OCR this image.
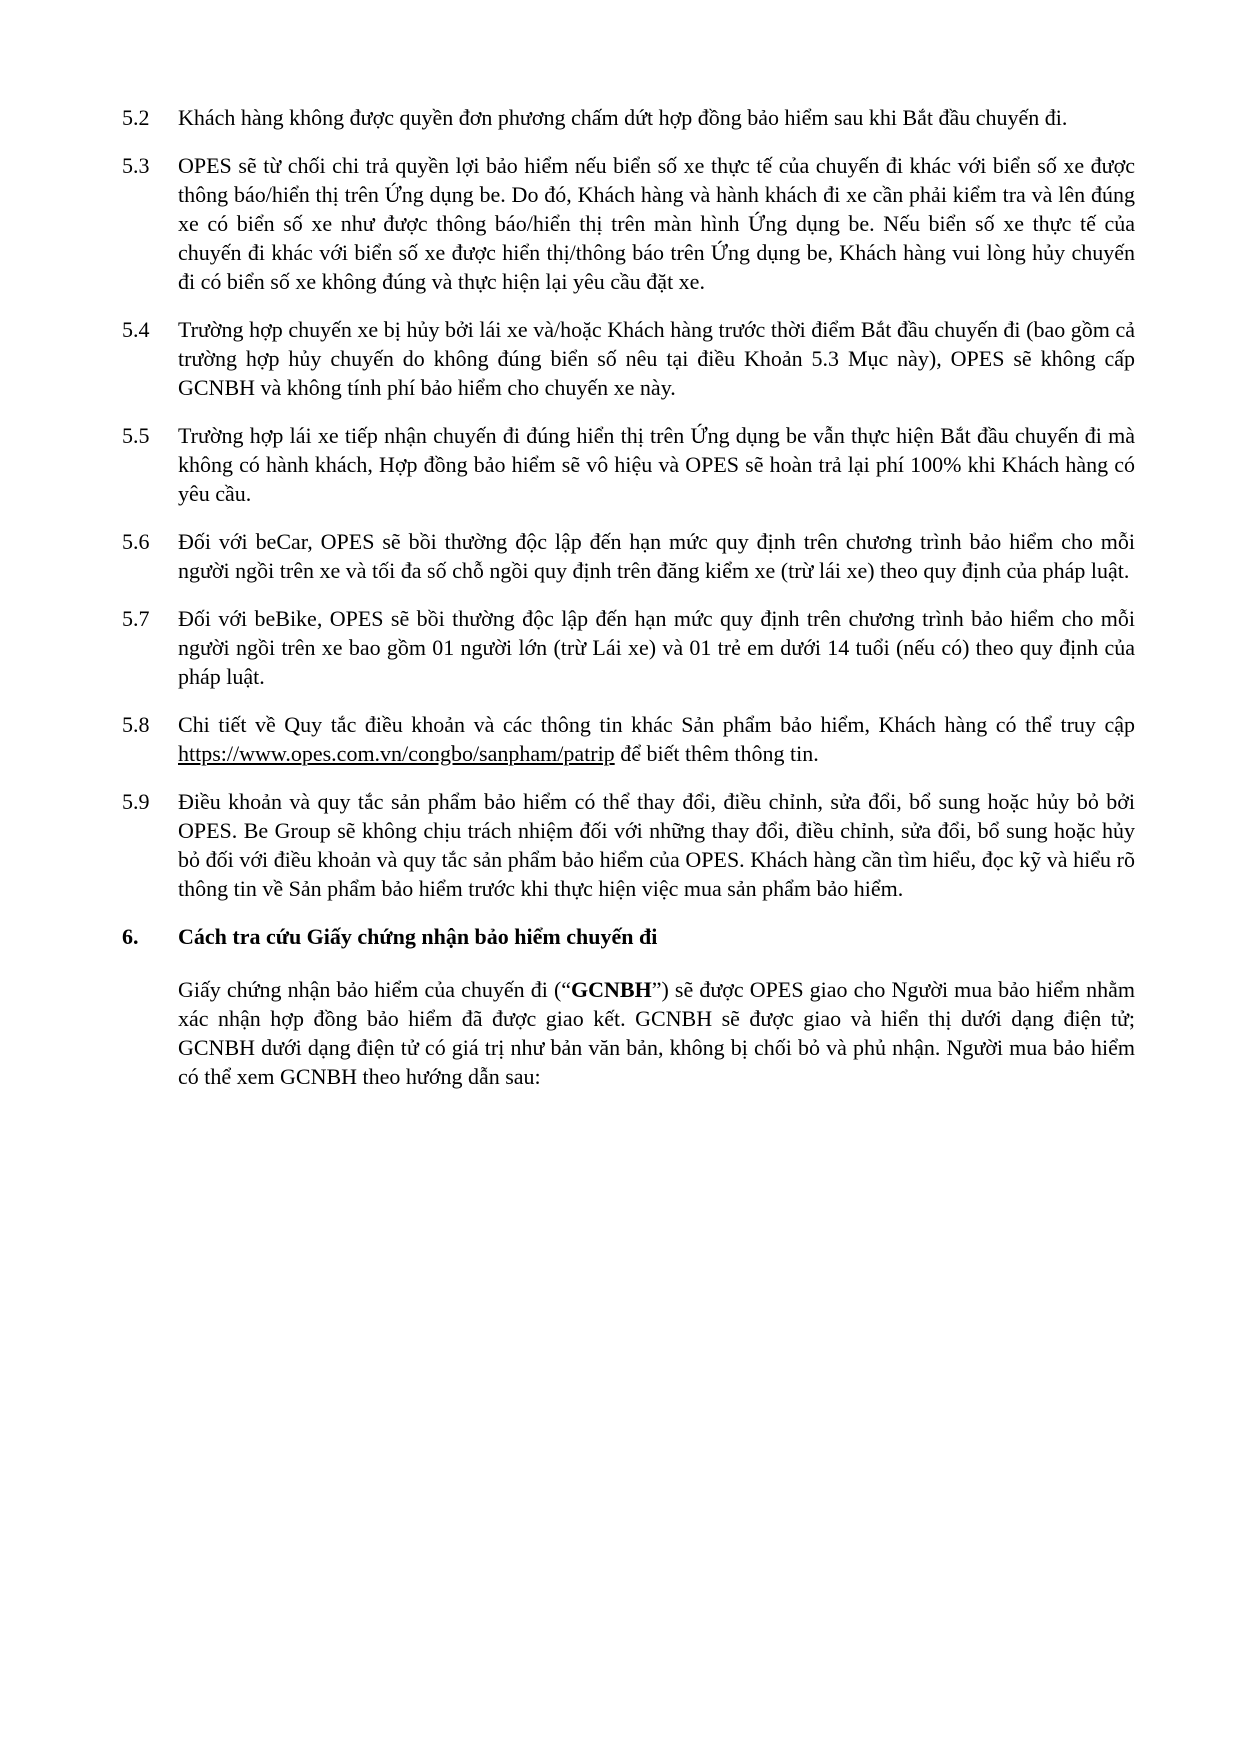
5.2	Khách hàng không được quyền đơn phương chấm dứt hợp đồng bảo hiểm sau khi Bắt đầu chuyến đi.
5.3	OPES sẽ từ chối chi trả quyền lợi bảo hiểm nếu biển số xe thực tế của chuyến đi khác với biển số xe được thông báo/hiển thị trên Ứng dụng be. Do đó, Khách hàng và hành khách đi xe cần phải kiểm tra và lên đúng xe có biển số xe như được thông báo/hiển thị trên màn hình Ứng dụng be. Nếu biển số xe thực tế của chuyến đi khác với biển số xe được hiển thị/thông báo trên Ứng dụng be, Khách hàng vui lòng hủy chuyến đi có biển số xe không đúng và thực hiện lại yêu cầu đặt xe.
5.4	Trường hợp chuyến xe bị hủy bởi lái xe và/hoặc Khách hàng trước thời điểm Bắt đầu chuyến đi (bao gồm cả trường hợp hủy chuyến do không đúng biển số nêu tại điều Khoản 5.3 Mục này), OPES sẽ không cấp GCNBH và không tính phí bảo hiểm cho chuyến xe này.
5.5	Trường hợp lái xe tiếp nhận chuyến đi đúng hiển thị trên Ứng dụng be vẫn thực hiện Bắt đầu chuyến đi mà không có hành khách, Hợp đồng bảo hiểm sẽ vô hiệu và OPES sẽ hoàn trả lại phí 100% khi Khách hàng có yêu cầu.
5.6	Đối với beCar, OPES sẽ bồi thường độc lập đến hạn mức quy định trên chương trình bảo hiểm cho mỗi người ngồi trên xe và tối đa số chỗ ngồi quy định trên đăng kiểm xe (trừ lái xe) theo quy định của pháp luật.
5.7	Đối với beBike, OPES sẽ bồi thường độc lập đến hạn mức quy định trên chương trình bảo hiểm cho mỗi người ngồi trên xe bao gồm 01 người lớn (trừ Lái xe) và 01 trẻ em dưới 14 tuổi (nếu có) theo quy định của pháp luật.
5.8	Chi tiết về Quy tắc điều khoản và các thông tin khác Sản phẩm bảo hiểm, Khách hàng có thể truy cập https://www.opes.com.vn/congbo/sanpham/patrip để biết thêm thông tin.
5.9	Điều khoản và quy tắc sản phẩm bảo hiểm có thể thay đổi, điều chỉnh, sửa đổi, bổ sung hoặc hủy bỏ bởi OPES. Be Group sẽ không chịu trách nhiệm đối với những thay đổi, điều chỉnh, sửa đổi, bổ sung hoặc hủy bỏ đối với điều khoản và quy tắc sản phẩm bảo hiểm của OPES. Khách hàng cần tìm hiểu, đọc kỹ và hiểu rõ thông tin về Sản phẩm bảo hiểm trước khi thực hiện việc mua sản phẩm bảo hiểm.
6.	Cách tra cứu Giấy chứng nhận bảo hiểm chuyến đi
Giấy chứng nhận bảo hiểm của chuyến đi (“GCNBH”) sẽ được OPES giao cho Người mua bảo hiểm nhằm xác nhận hợp đồng bảo hiểm đã được giao kết. GCNBH sẽ được giao và hiển thị dưới dạng điện tử; GCNBH dưới dạng điện tử có giá trị như bản văn bản, không bị chối bỏ và phủ nhận. Người mua bảo hiểm có thể xem GCNBH theo hướng dẫn sau:
